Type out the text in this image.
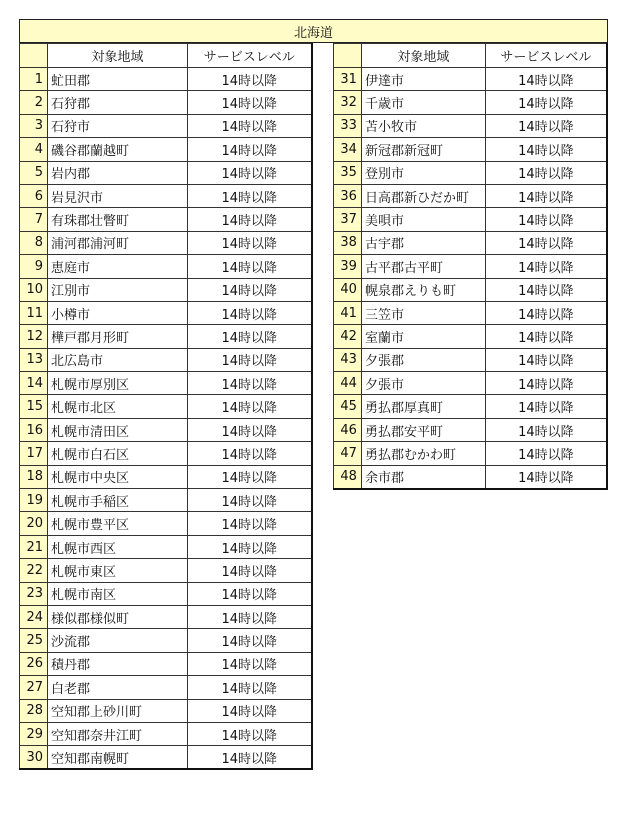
北海道
	対象地域	サービスレベル
1	虻田郡	14時以降
2	石狩郡	14時以降
3	石狩市	14時以降
4	磯谷郡蘭越町	14時以降
5	岩内郡	14時以降
6	岩見沢市	14時以降
7	有珠郡壮瞥町	14時以降
8	浦河郡浦河町	14時以降
9	恵庭市	14時以降
10	江別市	14時以降
11	小樽市	14時以降
12	樺戸郡月形町	14時以降
13	北広島市	14時以降
14	札幌市厚別区	14時以降
15	札幌市北区	14時以降
16	札幌市清田区	14時以降
17	札幌市白石区	14時以降
18	札幌市中央区	14時以降
19	札幌市手稲区	14時以降
20	札幌市豊平区	14時以降
21	札幌市西区	14時以降
22	札幌市東区	14時以降
23	札幌市南区	14時以降
24	様似郡様似町	14時以降
25	沙流郡	14時以降
26	積丹郡	14時以降
27	白老郡	14時以降
28	空知郡上砂川町	14時以降
29	空知郡奈井江町	14時以降
30	空知郡南幌町	14時以降
	対象地域	サービスレベル
31	伊達市	14時以降
32	千歳市	14時以降
33	苫小牧市	14時以降
34	新冠郡新冠町	14時以降
35	登別市	14時以降
36	日高郡新ひだか町	14時以降
37	美唄市	14時以降
38	古宇郡	14時以降
39	古平郡古平町	14時以降
40	幌泉郡えりも町	14時以降
41	三笠市	14時以降
42	室蘭市	14時以降
43	夕張郡	14時以降
44	夕張市	14時以降
45	勇払郡厚真町	14時以降
46	勇払郡安平町	14時以降
47	勇払郡むかわ町	14時以降
48	余市郡	14時以降
